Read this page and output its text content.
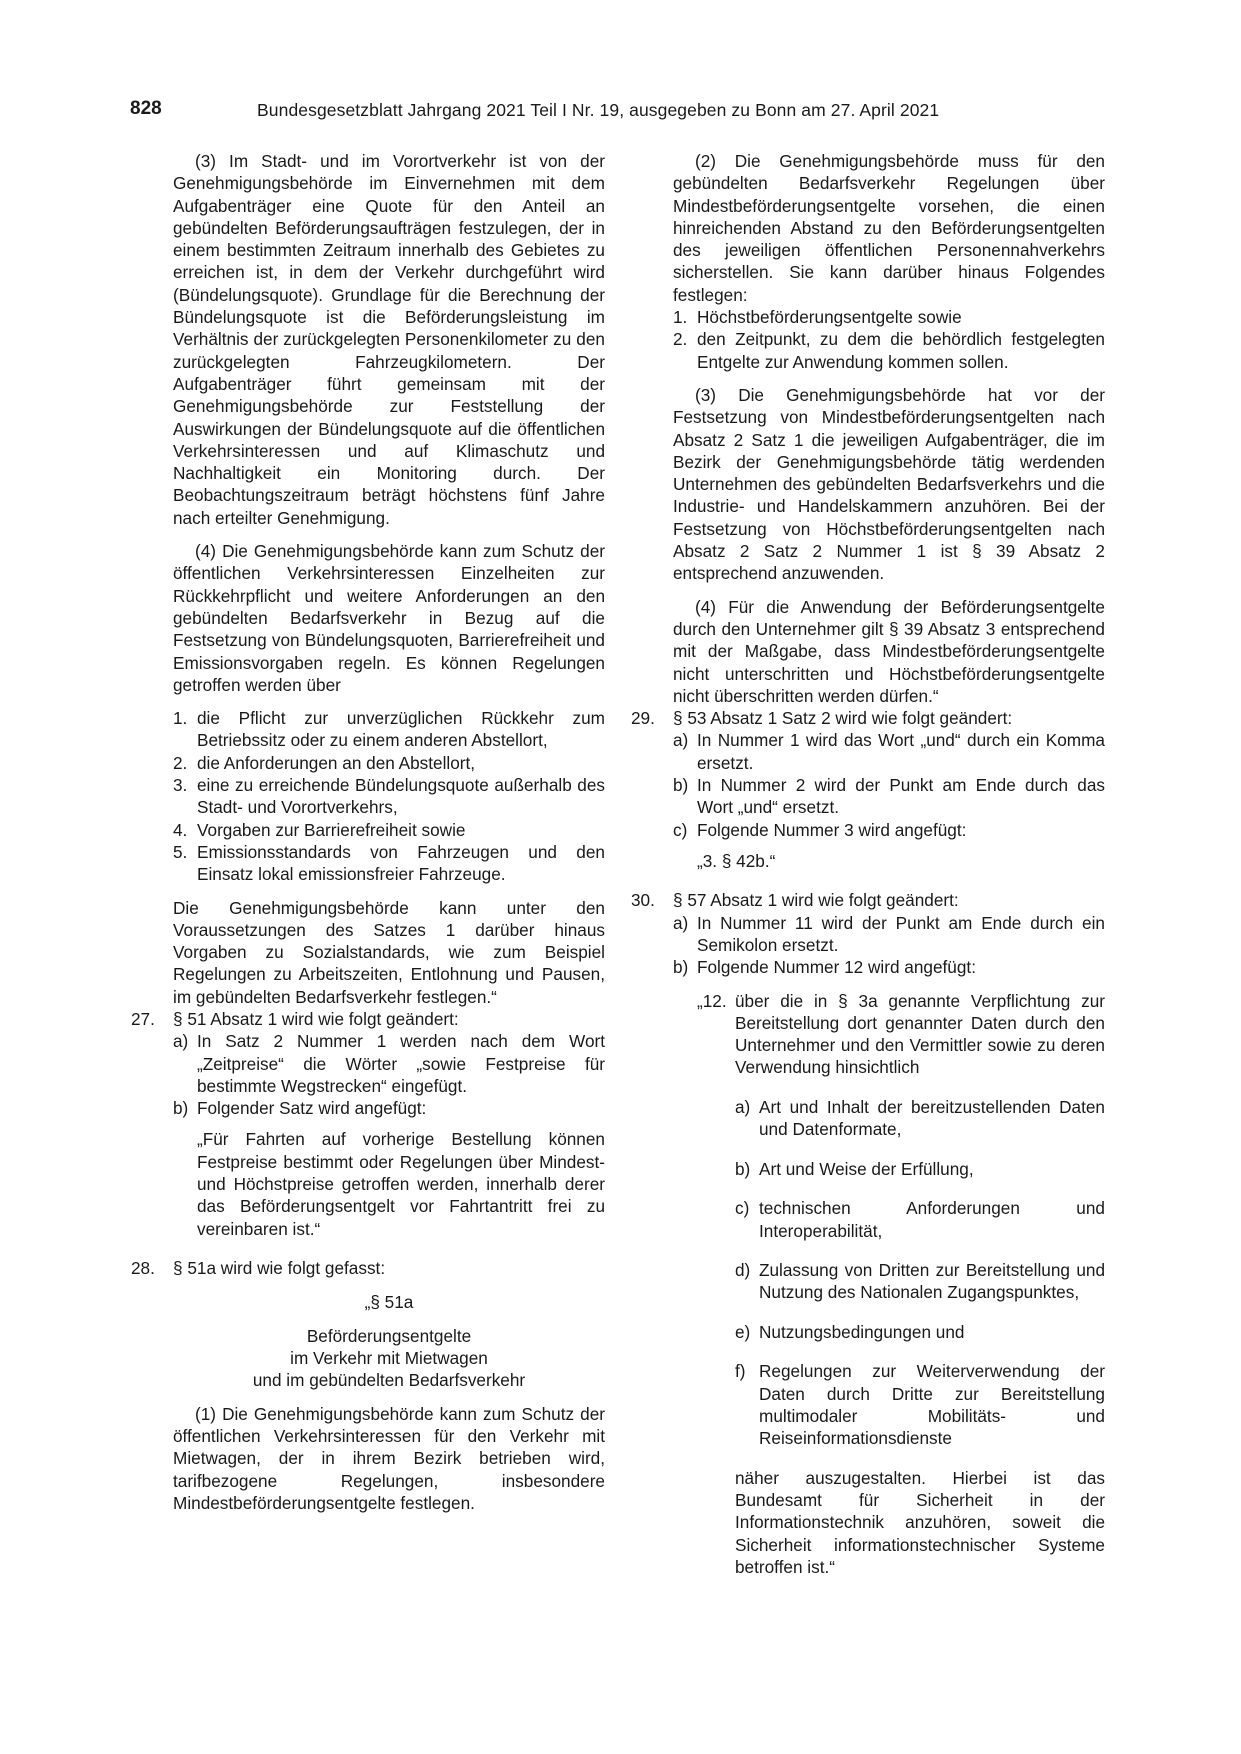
828	Bundesgesetzblatt Jahrgang 2021 Teil I Nr. 19, ausgegeben zu Bonn am 27. April 2021

(3) Im Stadt- und im Vorortverkehr ist von der Genehmigungsbehörde im Einvernehmen mit dem Aufgabenträger eine Quote für den Anteil an gebündelten Beförderungsaufträgen festzulegen, der in einem bestimmten Zeitraum innerhalb des Gebietes zu erreichen ist, in dem der Verkehr durchgeführt wird (Bündelungsquote). Grundlage für die Berechnung der Bündelungsquote ist die Beförderungsleistung im Verhältnis der zurückgelegten Personenkilometer zu den zurückgelegten Fahrzeugkilometern. Der Aufgabenträger führt gemeinsam mit der Genehmigungsbehörde zur Feststellung der Auswirkungen der Bündelungsquote auf die öffentlichen Verkehrsinteressen und auf Klimaschutz und Nachhaltigkeit ein Monitoring durch. Der Beobachtungszeitraum beträgt höchstens fünf Jahre nach erteilter Genehmigung.

(4) Die Genehmigungsbehörde kann zum Schutz der öffentlichen Verkehrsinteressen Einzelheiten zur Rückkehrpflicht und weitere Anforderungen an den gebündelten Bedarfsverkehr in Bezug auf die Festsetzung von Bündelungsquoten, Barrierefreiheit und Emissionsvorgaben regeln. Es können Regelungen getroffen werden über

1. die Pflicht zur unverzüglichen Rückkehr zum Betriebssitz oder zu einem anderen Abstellort,

2. die Anforderungen an den Abstellort,

3. eine zu erreichende Bündelungsquote außerhalb des Stadt- und Vorortverkehrs,

4. Vorgaben zur Barrierefreiheit sowie

5. Emissionsstandards von Fahrzeugen und den Einsatz lokal emissionsfreier Fahrzeuge.

Die Genehmigungsbehörde kann unter den Voraussetzungen des Satzes 1 darüber hinaus Vorgaben zu Sozialstandards, wie zum Beispiel Regelungen zu Arbeitszeiten, Entlohnung und Pausen, im gebündelten Bedarfsverkehr festlegen.“

27. § 51 Absatz 1 wird wie folgt geändert:

a) In Satz 2 Nummer 1 werden nach dem Wort „Zeitpreise“ die Wörter „sowie Festpreise für bestimmte Wegstrecken“ eingefügt.

b) Folgender Satz wird angefügt:

„Für Fahrten auf vorherige Bestellung können Festpreise bestimmt oder Regelungen über Mindest- und Höchstpreise getroffen werden, innerhalb derer das Beförderungsentgelt vor Fahrtantritt frei zu vereinbaren ist.“

28. § 51a wird wie folgt gefasst:

„§ 51a

Beförderungsentgelte

im Verkehr mit Mietwagen

und im gebündelten Bedarfsverkehr

(1) Die Genehmigungsbehörde kann zum Schutz der öffentlichen Verkehrsinteressen für den Verkehr mit Mietwagen, der in ihrem Bezirk betrieben wird, tarifbezogene Regelungen, insbesondere Mindestbeförderungsentgelte festlegen.

(2) Die Genehmigungsbehörde muss für den gebündelten Bedarfsverkehr Regelungen über Mindestbeförderungsentgelte vorsehen, die einen hinreichenden Abstand zu den Beförderungsentgelten des jeweiligen öffentlichen Personennahverkehrs sicherstellen. Sie kann darüber hinaus Folgendes festlegen:

1. Höchstbeförderungsentgelte sowie

2. den Zeitpunkt, zu dem die behördlich festgelegten Entgelte zur Anwendung kommen sollen.

(3) Die Genehmigungsbehörde hat vor der Festsetzung von Mindestbeförderungsentgelten nach Absatz 2 Satz 1 die jeweiligen Aufgabenträger, die im Bezirk der Genehmigungsbehörde tätig werdenden Unternehmen des gebündelten Bedarfsverkehrs und die Industrie- und Handelskammern anzuhören. Bei der Festsetzung von Höchstbeförderungsentgelten nach Absatz 2 Satz 2 Nummer 1 ist § 39 Absatz 2 entsprechend anzuwenden.

(4) Für die Anwendung der Beförderungsentgelte durch den Unternehmer gilt § 39 Absatz 3 entsprechend mit der Maßgabe, dass Mindestbeförderungsentgelte nicht unterschritten und Höchstbeförderungsentgelte nicht überschritten werden dürfen.“

29. § 53 Absatz 1 Satz 2 wird wie folgt geändert:

a) In Nummer 1 wird das Wort „und“ durch ein Komma ersetzt.

b) In Nummer 2 wird der Punkt am Ende durch das Wort „und“ ersetzt.

c) Folgende Nummer 3 wird angefügt:

„3. § 42b.“

30. § 57 Absatz 1 wird wie folgt geändert:

a) In Nummer 11 wird der Punkt am Ende durch ein Semikolon ersetzt.

b) Folgende Nummer 12 wird angefügt:

„12. über die in § 3a genannte Verpflichtung zur Bereitstellung dort genannter Daten durch den Unternehmer und den Vermittler sowie zu deren Verwendung hinsichtlich

a) Art und Inhalt der bereitzustellenden Daten und Datenformate,

b) Art und Weise der Erfüllung,

c) technischen Anforderungen und Interoperabilität,

d) Zulassung von Dritten zur Bereitstellung und Nutzung des Nationalen Zugangspunktes,

e) Nutzungsbedingungen und

f) Regelungen zur Weiterverwendung der Daten durch Dritte zur Bereitstellung multimodaler Mobilitäts- und Reiseinformationsdienste

näher auszugestalten. Hierbei ist das Bundesamt für Sicherheit in der Informationstechnik anzuhören, soweit die Sicherheit informationstechnischer Systeme betroffen ist.“
